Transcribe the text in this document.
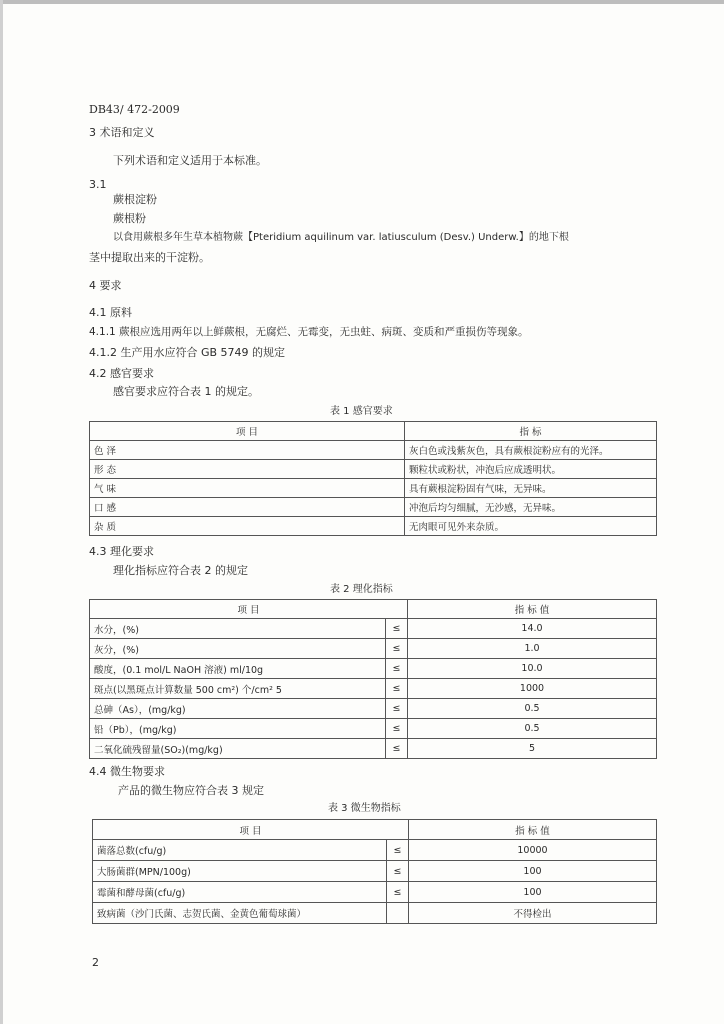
DB43/ 472-2009
3 术语和定义
下列术语和定义适用于本标准。
3.1
蕨根淀粉
蕨根粉
以食用蕨根多年生草本植物蕨【Pteridium aquilinum var. latiusculum (Desv.) Underw.】的地下根
茎中提取出来的干淀粉。
4 要求
4.1 原料
4.1.1 蕨根应选用两年以上鲜蕨根，无腐烂、无霉变，无虫蛀、病斑、变质和严重损伤等现象。
4.1.2 生产用水应符合 GB 5749 的规定
4.2 感官要求
感官要求应符合表 1 的规定。
表 1 感官要求
项 目	指 标
色 泽	灰白色或浅紫灰色，具有蕨根淀粉应有的光泽。
形 态	颗粒状或粉状，冲泡后应成透明状。
气 味	具有蕨根淀粉固有气味，无异味。
口 感	冲泡后均匀细腻，无沙感，无异味。
杂 质	无肉眼可见外来杂质。
4.3 理化要求
理化指标应符合表 2 的规定
表 2 理化指标
项 目		指 标 值
水分，(%)	≤	14.0
灰分，(%)	≤	1.0
酸度，(0.1 mol/L NaOH 溶液) ml/10g	≤	10.0
斑点(以黑斑点计算数量 500 cm²) 个/cm² 5	≤	1000
总砷（As），(mg/kg)	≤	0.5
铅（Pb），(mg/kg)	≤	0.5
二氧化硫残留量(SO₂)(mg/kg)	≤	5
4.4 微生物要求
产品的微生物应符合表 3 规定
表 3 微生物指标
项 目		指 标 值
菌落总数(cfu/g)	≤	10000
大肠菌群(MPN/100g)	≤	100
霉菌和酵母菌(cfu/g)	≤	100
致病菌（沙门氏菌、志贺氏菌、金黄色葡萄球菌）		不得检出
2
